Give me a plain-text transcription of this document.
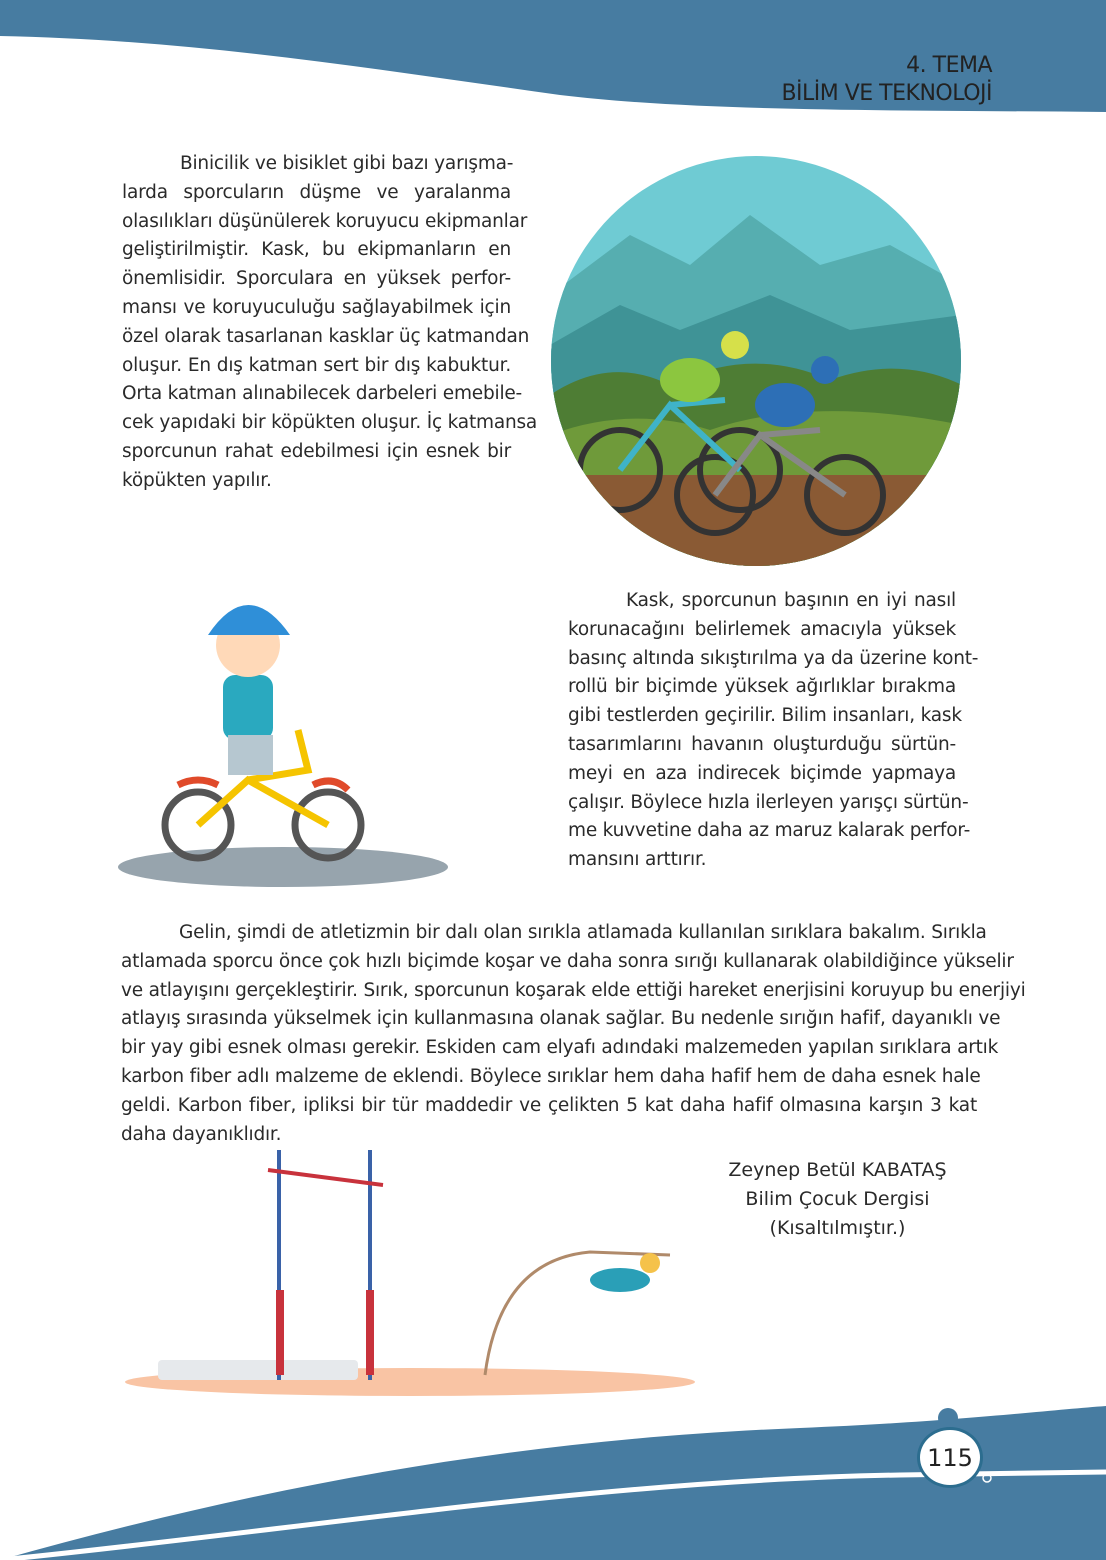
4. TEMA
BİLİM VE TEKNOLOJİ
Binicilik ve bisiklet gibi bazı yarışma-
larda sporcuların düşme ve yaralanma
olasılıkları düşünülerek koruyucu ekipmanlar
geliştirilmiştir. Kask, bu ekipmanların en
önemlisidir. Sporculara en yüksek perfor-
mansı ve koruyuculuğu sağlayabilmek için
özel olarak tasarlanan kasklar üç katmandan
oluşur. En dış katman sert bir dış kabuktur.
Orta katman alınabilecek darbeleri emebile-
cek yapıdaki bir köpükten oluşur. İç katmansa
sporcunun rahat edebilmesi için esnek bir
köpükten yapılır.
Kask, sporcunun başının en iyi nasıl
korunacağını belirlemek amacıyla yüksek
basınç altında sıkıştırılma ya da üzerine kont-
rollü bir biçimde yüksek ağırlıklar bırakma
gibi testlerden geçirilir. Bilim insanları, kask
tasarımlarını havanın oluşturduğu sürtün-
meyi en aza indirecek biçimde yapmaya
çalışır. Böylece hızla ilerleyen yarışçı sürtün-
me kuvvetine daha az maruz kalarak perfor-
mansını arttırır.
Gelin, şimdi de atletizmin bir dalı olan sırıkla atlamada kullanılan sırıklara bakalım. Sırıkla
atlamada sporcu önce çok hızlı biçimde koşar ve daha sonra sırığı kullanarak olabildiğince yükselir
ve atlayışını gerçekleştirir. Sırık, sporcunun koşarak elde ettiği hareket enerjisini koruyup bu enerjiyi
atlayış sırasında yükselmek için kullanmasına olanak sağlar. Bu nedenle sırığın hafif, dayanıklı ve
bir yay gibi esnek olması gerekir. Eskiden cam elyafı adındaki malzemeden yapılan sırıklara artık
karbon fiber adlı malzeme de eklendi. Böylece sırıklar hem daha hafif hem de daha esnek hale
geldi. Karbon fiber, ipliksi bir tür maddedir ve çelikten 5 kat daha hafif olmasına karşın 3 kat
daha dayanıklıdır.
Zeynep Betül KABATAŞ
Bilim Çocuk Dergisi
(Kısaltılmıştır.)
115
